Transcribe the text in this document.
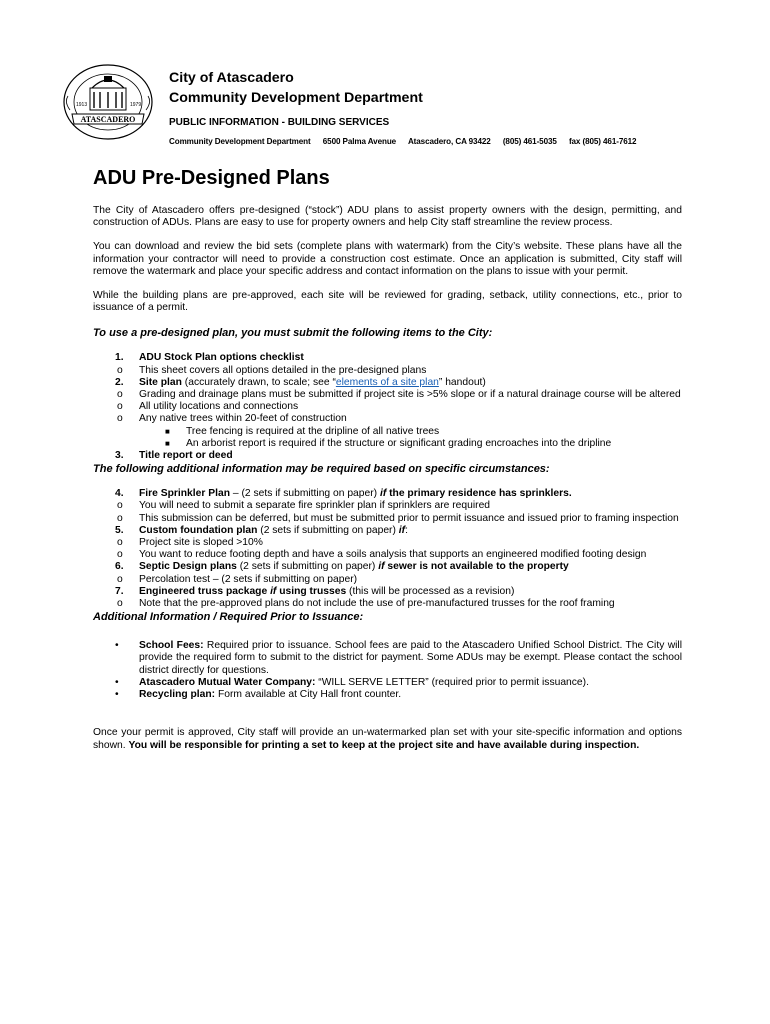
ATASCADERO
1913	1979
City of Atascadero
Community Development Department
PUBLIC INFORMATION - BUILDING SERVICES
Community Development Department 6500 Palma Avenue Atascadero, CA 93422 (805) 461-5035 fax (805) 461-7612
ADU Pre-Designed Plans

The City of Atascadero offers pre-designed (“stock”) ADU plans to assist property owners with the design, permitting, and construction of ADUs. Plans are easy to use for property owners and help City staff streamline the review process.

You can download and review the bid sets (complete plans with watermark) from the City’s website. These plans have all the information your contractor will need to provide a construction cost estimate. Once an application is submitted, City staff will remove the watermark and place your specific address and contact information on the plans to issue with your permit.

While the building plans are pre-approved, each site will be reviewed for grading, setback, utility connections, etc., prior to issuance of a permit.

To use a pre-designed plan, you must submit the following items to the City:
1. ADU Stock Plan options checklist
o This sheet covers all options detailed in the pre-designed plans
2. Site plan (accurately drawn, to scale; see “elements of a site plan” handout)
o Grading and drainage plans must be submitted if project site is >5% slope or if a natural drainage course will be altered
o All utility locations and connections
o Any native trees within 20-feet of construction
■ Tree fencing is required at the dripline of all native trees
■ An arborist report is required if the structure or significant grading encroaches into the dripline
3. Title report or deed
The following additional information may be required based on specific circumstances:
4. Fire Sprinkler Plan – (2 sets if submitting on paper) if the primary residence has sprinklers.
o You will need to submit a separate fire sprinkler plan if sprinklers are required
o This submission can be deferred, but must be submitted prior to permit issuance and issued prior to framing inspection
5. Custom foundation plan (2 sets if submitting on paper) if:
o Project site is sloped >10%
o You want to reduce footing depth and have a soils analysis that supports an engineered modified footing design
6. Septic Design plans (2 sets if submitting on paper) if sewer is not available to the property
o Percolation test – (2 sets if submitting on paper)
7. Engineered truss package if using trusses (this will be processed as a revision)
o Note that the pre-approved plans do not include the use of pre-manufactured trusses for the roof framing
Additional Information / Required Prior to Issuance:
• School Fees: Required prior to issuance. School fees are paid to the Atascadero Unified School District. The City will provide the required form to submit to the district for payment. Some ADUs may be exempt. Please contact the school district directly for questions.
• Atascadero Mutual Water Company: “WILL SERVE LETTER” (required prior to permit issuance).
• Recycling plan: Form available at City Hall front counter.

Once your permit is approved, City staff will provide an un-watermarked plan set with your site-specific information and options shown. You will be responsible for printing a set to keep at the project site and have available during inspection.
